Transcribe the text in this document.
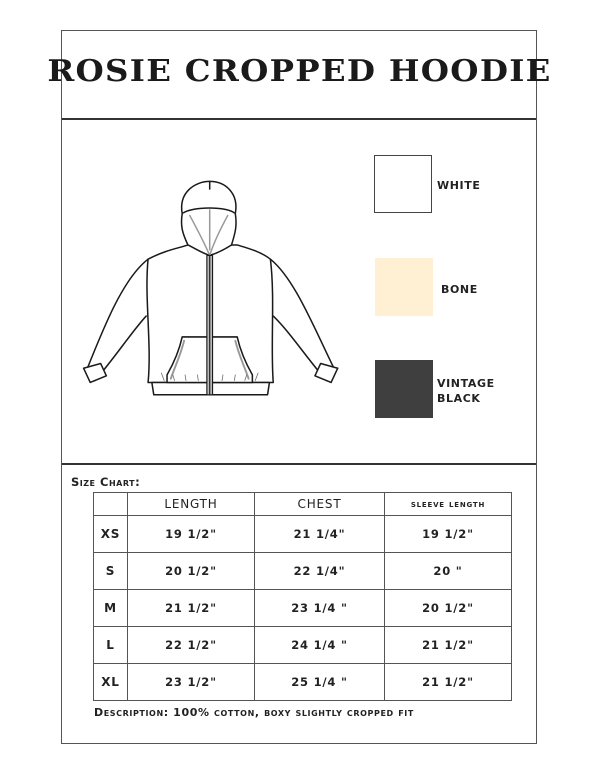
ROSIE CROPPED HOODIE
WHITE
BONE
VINTAGE
BLACK
Size Chart:
	LENGTH	CHEST	sleeve length
XS	19 1/2"	21 1/4"	19 1/2"
S	20 1/2"	22 1/4"	20 "
M	21 1/2"	23 1/4 "	20 1/2"
L	22 1/2"	24 1/4 "	21 1/2"
XL	23 1/2"	25 1/4 "	21 1/2"
Description: 100% cotton, boxy slightly cropped fit
